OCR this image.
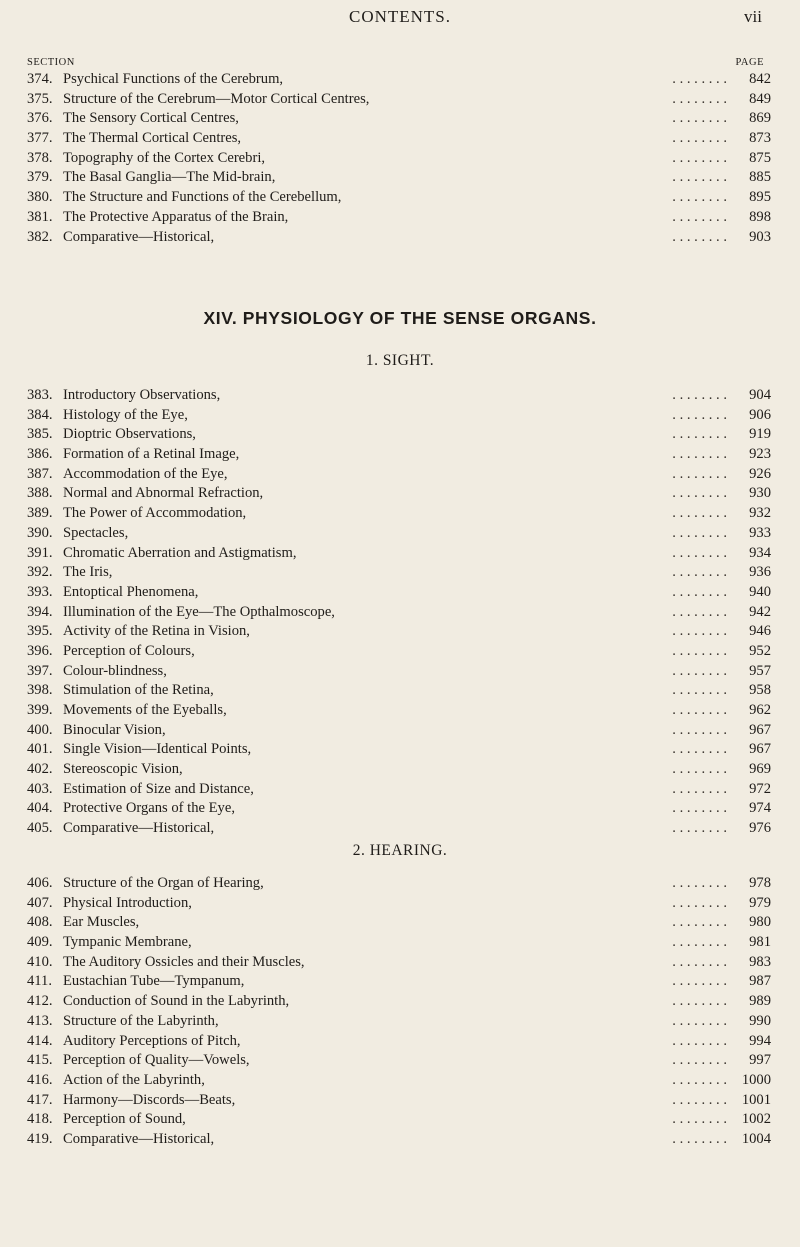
CONTENTS.	vii
SECTION	PAGE
374. Psychical Functions of the Cerebrum,	. . . . . . . .	842
375. Structure of the Cerebrum—Motor Cortical Centres,	. . . . . . . .	849
376. The Sensory Cortical Centres,	. . . . . . . .	869
377. The Thermal Cortical Centres,	. . . . . . . .	873
378. Topography of the Cortex Cerebri,	. . . . . . . .	875
379. The Basal Ganglia—The Mid-brain,	. . . . . . . .	885
380. The Structure and Functions of the Cerebellum,	. . . . . . . .	895
381. The Protective Apparatus of the Brain,	. . . . . . . .	898
382. Comparative—Historical,	. . . . . . . .	903
XIV. PHYSIOLOGY OF THE SENSE ORGANS.
1. SIGHT.
383. Introductory Observations,	. . . . . . . .	904
384. Histology of the Eye,	. . . . . . . .	906
385. Dioptric Observations,	. . . . . . . .	919
386. Formation of a Retinal Image,	. . . . . . . .	923
387. Accommodation of the Eye,	. . . . . . . .	926
388. Normal and Abnormal Refraction,	. . . . . . . .	930
389. The Power of Accommodation,	. . . . . . . .	932
390. Spectacles,	. . . . . . . .	933
391. Chromatic Aberration and Astigmatism,	. . . . . . . .	934
392. The Iris,	. . . . . . . .	936
393. Entoptical Phenomena,	. . . . . . . .	940
394. Illumination of the Eye—The Opthalmoscope,	. . . . . . . .	942
395. Activity of the Retina in Vision,	. . . . . . . .	946
396. Perception of Colours,	. . . . . . . .	952
397. Colour-blindness,	. . . . . . . .	957
398. Stimulation of the Retina,	. . . . . . . .	958
399. Movements of the Eyeballs,	. . . . . . . .	962
400. Binocular Vision,	. . . . . . . .	967
401. Single Vision—Identical Points,	. . . . . . . .	967
402. Stereoscopic Vision,	. . . . . . . .	969
403. Estimation of Size and Distance,	. . . . . . . .	972
404. Protective Organs of the Eye,	. . . . . . . .	974
405. Comparative—Historical,	. . . . . . . .	976
2. HEARING.
406. Structure of the Organ of Hearing,	. . . . . . . .	978
407. Physical Introduction,	. . . . . . . .	979
408. Ear Muscles,	. . . . . . . .	980
409. Tympanic Membrane,	. . . . . . . .	981
410. The Auditory Ossicles and their Muscles,	. . . . . . . .	983
411. Eustachian Tube—Tympanum,	. . . . . . . .	987
412. Conduction of Sound in the Labyrinth,	. . . . . . . .	989
413. Structure of the Labyrinth,	. . . . . . . .	990
414. Auditory Perceptions of Pitch,	. . . . . . . .	994
415. Perception of Quality—Vowels,	. . . . . . . .	997
416. Action of the Labyrinth,	. . . . . . . .	1000
417. Harmony—Discords—Beats,	. . . . . . . .	1001
418. Perception of Sound,	. . . . . . . .	1002
419. Comparative—Historical,	. . . . . . . .	1004
